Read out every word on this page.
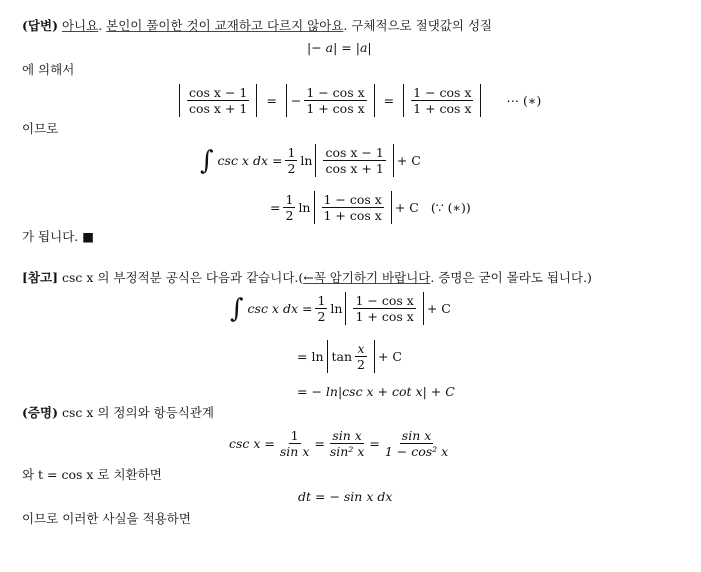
(답변) 아니요. 본인이 풀이한 것이 교재하고 다르지 않아요. 구체적으로 절댓값의 성질
|− a| = |a|
에 의해서
$\frac{\text{cos x − 1}}{\text{cos x + 1}}$ =	− $\frac{\text{1 − cos x}}{\text{1 + cos x}} = \frac{\text{1 − cos x}}{\text{1 + cos x}}$	⋯ (∗)
이므로
∫ csc x dx = $\frac{1}{2}$ $\ln \frac{\text{cos x − 1}}{\text{cos x + 1}} + C$
= $\frac{1}{2}$ $\ln \frac{\text{1 − cos x}}{\text{1 + cos x}} + C$ (∵ (∗))
가 됩니다. ■
[참고] csc x 의 부정적분 공식은 다음과 같습니다.(←꼭 암기하기 바랍니다. 증명은 굳이 몰라도 됩니다.)
∫ csc x dx = $\frac{1}{2}$ $\ln \frac{\text{1 − cos x}}{\text{1 + cos x}} + C$
= $\ln \tan \frac{x}{2} + C$
= − ln|csc x + cot x| + C
(증명) csc x 의 정의와 항등식관계
$\csc x = \frac{1}{\text{sin x}} = \frac{\text{sin x}}{\text{sin² x}} = \frac{\text{sin x}}{\text{1 − cos² x}}$
와 t = cos x 로 치환하면
dt = − sin x dx
이므로 이러한 사실을 적용하면
